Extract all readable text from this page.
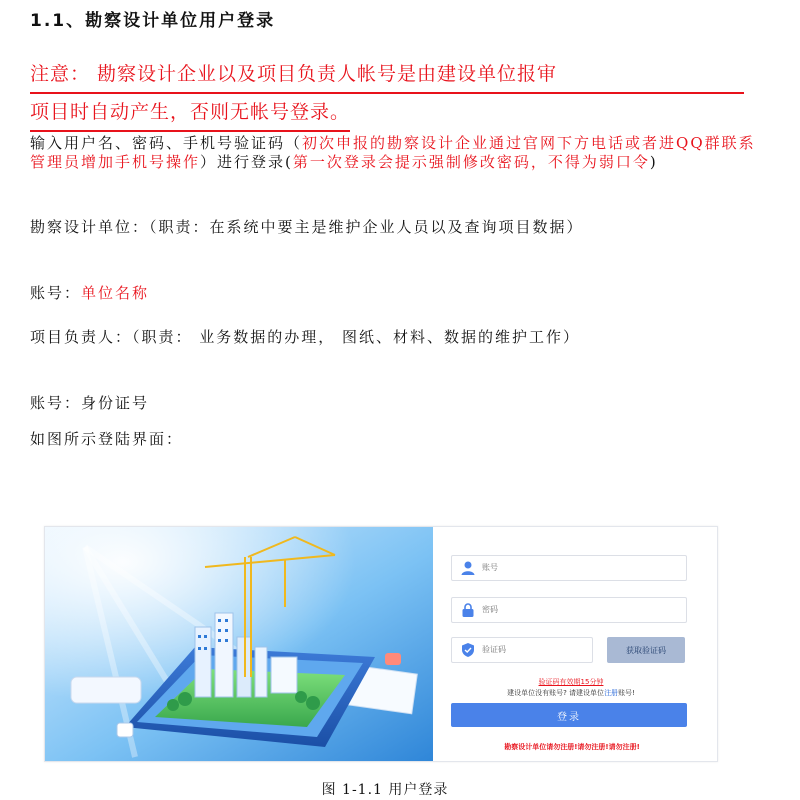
1.1、勘察设计单位用户登录
注意： 勘察设计企业以及项目负责人帐号是由建设单位报审
项目时自动产生，否则无帐号登录。

输入用户名、密码、手机号验证码（初次申报的勘察设计企业通过官网下方电话或者进QQ群联系管理员增加手机号操作）进行登录(第一次登录会提示强制修改密码，不得为弱口令)

勘察设计单位：（职责：在系统中要主是维护企业人员以及查询项目数据）

账号：单位名称

项目负责人：（职责： 业务数据的办理， 图纸、材料、数据的维护工作）

账号：身份证号

如图所示登陆界面：

账号
验证码
获取验证码
验证码有效期15分钟
建设单位没有账号? 请建设单位注册账号!
登录
勘察设计单位请勿注册!请勿注册!请勿注册!

图 1-1.1 用户登录
